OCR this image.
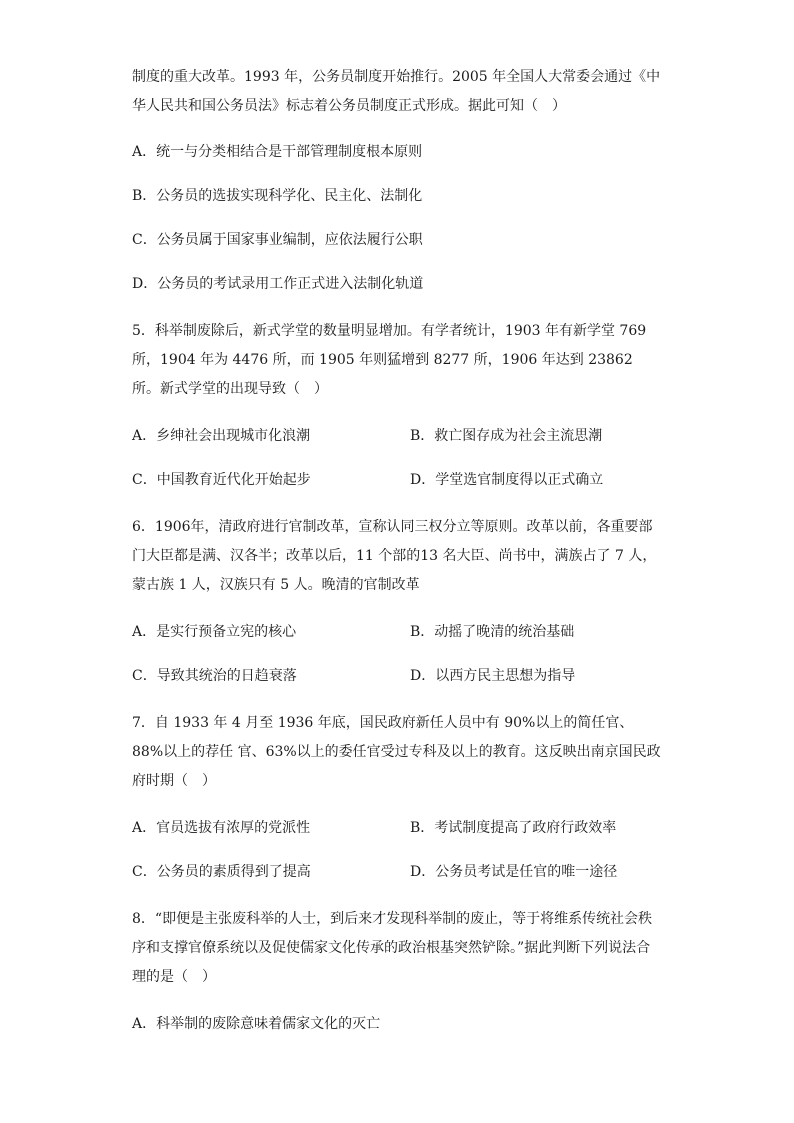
制度的重大改革。1993 年，公务员制度开始推行。2005 年全国人大常委会通过《中华人民共和国公务员法》标志着公务员制度正式形成。据此可知（　）

A．统一与分类相结合是干部管理制度根本原则

B．公务员的选拔实现科学化、民主化、法制化

C．公务员属于国家事业编制，应依法履行公职

D．公务员的考试录用工作正式进入法制化轨道

5．科举制废除后，新式学堂的数量明显增加。有学者统计，1903 年有新学堂 769 所，1904 年为 4476 所，而 1905 年则猛增到 8277 所，1906 年达到 23862 所。新式学堂的出现导致（　）

A．乡绅社会出现城市化浪潮	B．救亡图存成为社会主流思潮

C．中国教育近代化开始起步	D．学堂选官制度得以正式确立

6．1906年，清政府进行官制改革，宣称认同三权分立等原则。改革以前，各重要部门大臣都是满、汉各半；改革以后，11 个部的13 名大臣、尚书中，满族占了 7 人，蒙古族 1 人，汉族只有 5 人。晚清的官制改革

A．是实行预备立宪的核心	B．动摇了晚清的统治基础

C．导致其统治的日趋衰落	D．以西方民主思想为指导

7．自 1933 年 4 月至 1936 年底，国民政府新任人员中有 90%以上的简任官、88%以上的荐任 官、63%以上的委任官受过专科及以上的教育。这反映出南京国民政府时期（　）

A．官员选拔有浓厚的党派性	B．考试制度提高了政府行政效率

C．公务员的素质得到了提高	D．公务员考试是任官的唯一途径

8．“即便是主张废科举的人士，到后来才发现科举制的废止，等于将维系传统社会秩序和支撑官僚系统以及促使儒家文化传承的政治根基突然铲除。”据此判断下列说法合理的是（　）

A．科举制的废除意味着儒家文化的灭亡
